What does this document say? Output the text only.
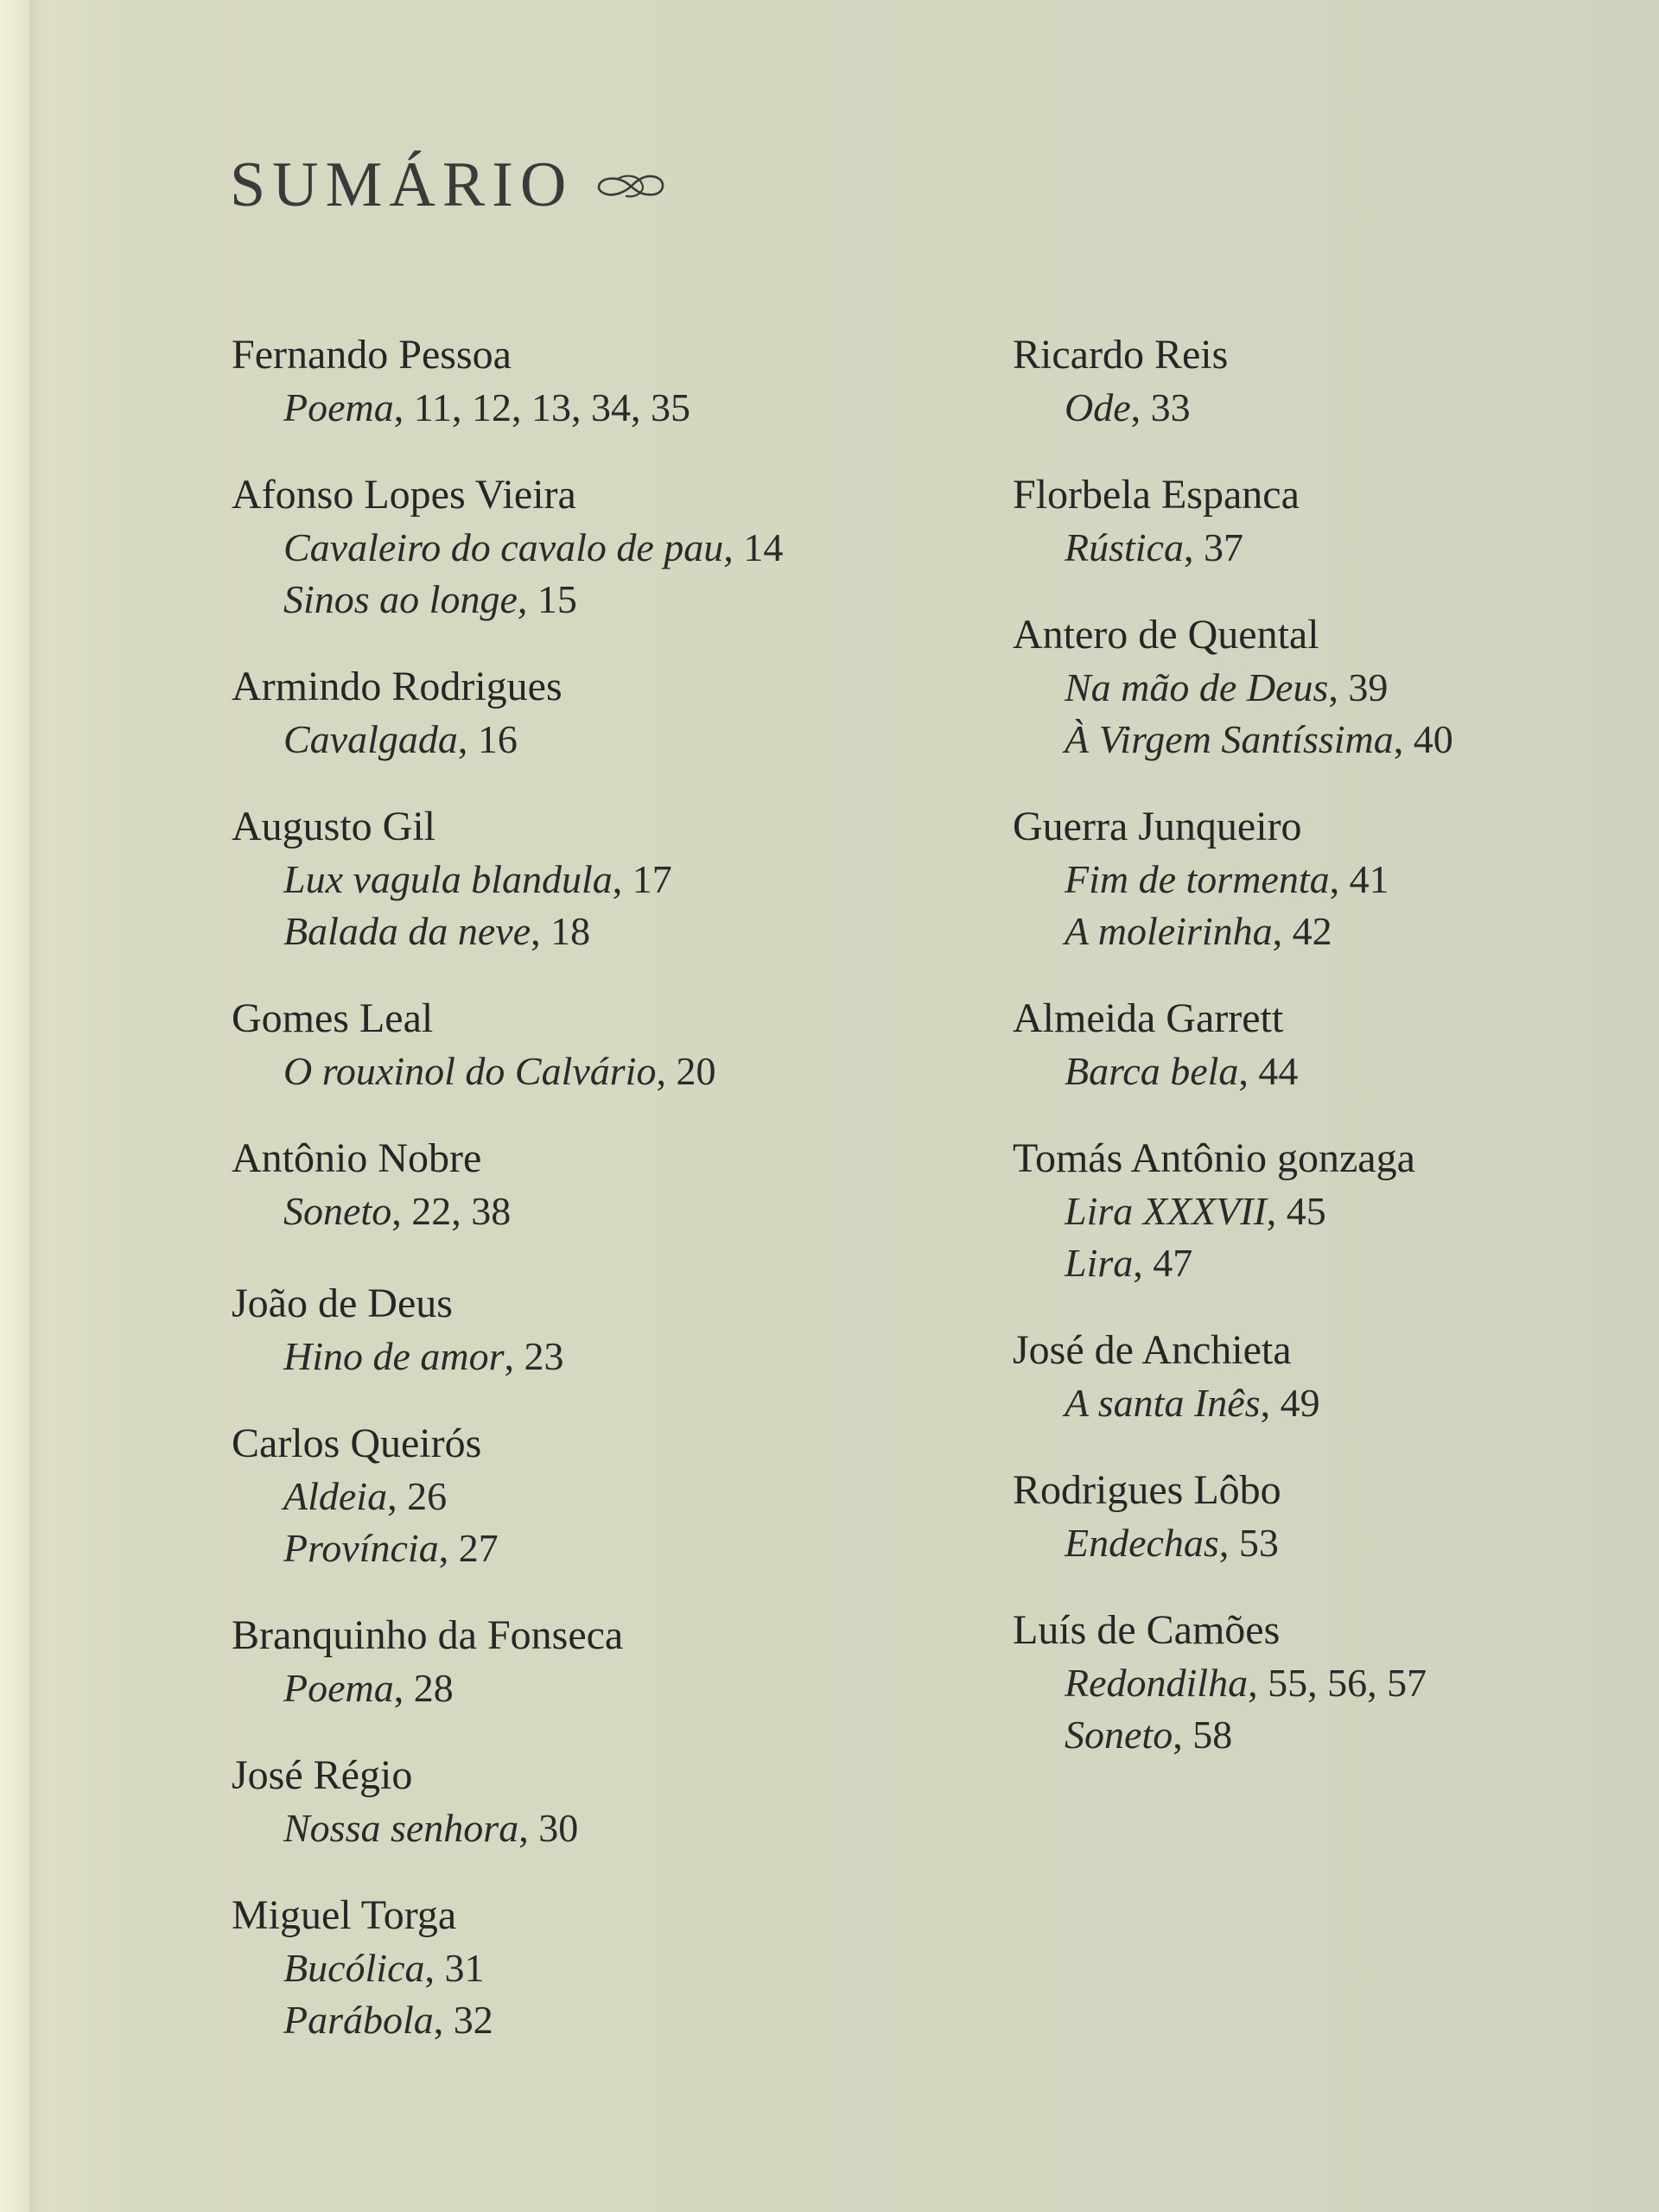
SUMÁRIO
Fernando Pessoa
Poema, 11, 12, 13, 34, 35
Afonso Lopes Vieira
Cavaleiro do cavalo de pau, 14
Sinos ao longe, 15
Armindo Rodrigues
Cavalgada, 16
Augusto Gil
Lux vagula blandula, 17
Balada da neve, 18
Gomes Leal
O rouxinol do Calvário, 20
Antônio Nobre
Soneto, 22, 38
João de Deus
Hino de amor, 23
Carlos Queirós
Aldeia, 26
Província, 27
Branquinho da Fonseca
Poema, 28
José Régio
Nossa senhora, 30
Miguel Torga
Bucólica, 31
Parábola, 32
Ricardo Reis
Ode, 33
Florbela Espanca
Rústica, 37
Antero de Quental
Na mão de Deus, 39
À Virgem Santíssima, 40
Guerra Junqueiro
Fim de tormenta, 41
A moleirinha, 42
Almeida Garrett
Barca bela, 44
Tomás Antônio gonzaga
Lira XXXVII, 45
Lira, 47
José de Anchieta
A santa Inês, 49
Rodrigues Lôbo
Endechas, 53
Luís de Camões
Redondilha, 55, 56, 57
Soneto, 58
